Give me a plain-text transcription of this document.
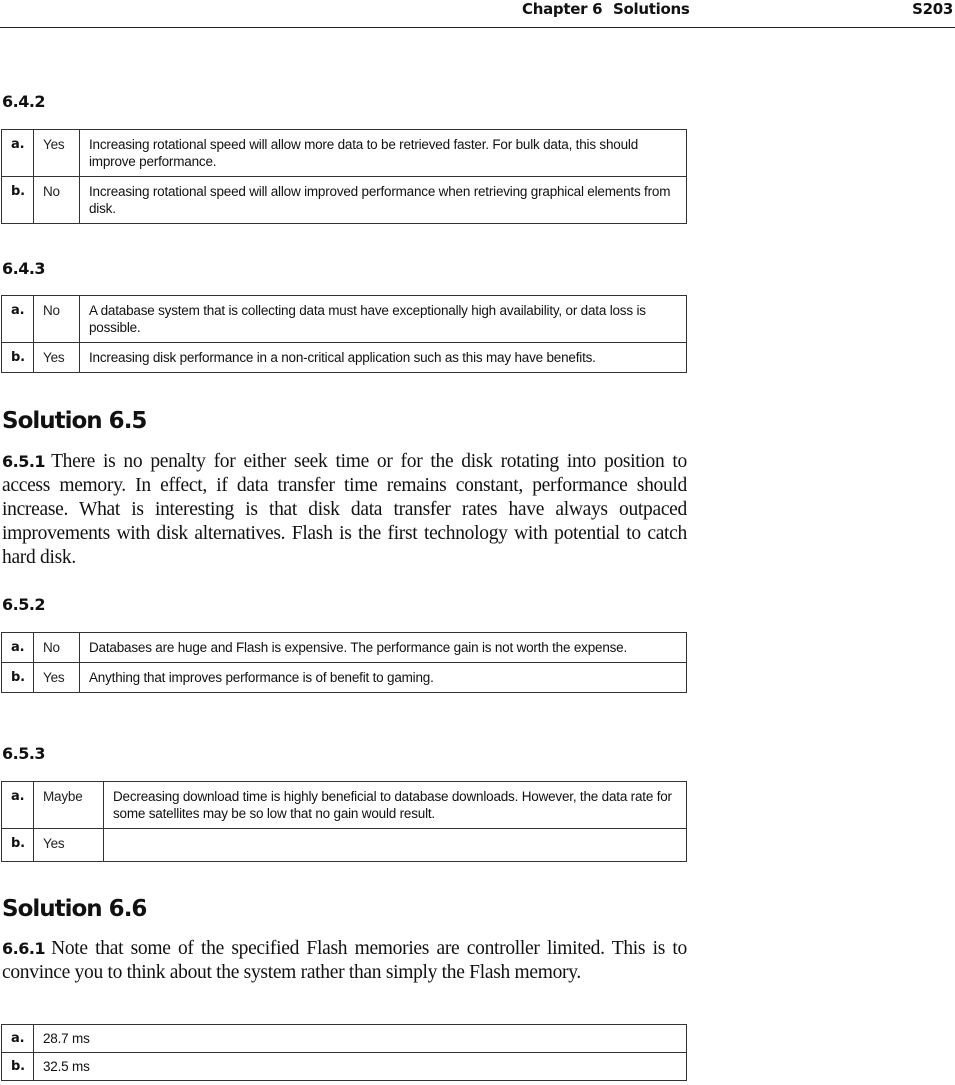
Chapter 6 Solutions	S203
6.4.2
a.	Yes	Increasing rotational speed will allow more data to be retrieved faster. For bulk data, this should improve performance.
b.	No	Increasing rotational speed will allow improved performance when retrieving graphical elements from disk.
6.4.3
a.	No	A database system that is collecting data must have exceptionally high availability, or data loss is possible.
b.	Yes	Increasing disk performance in a non-critical application such as this may have benefits.
Solution 6.5

6.5.1 There is no penalty for either seek time or for the disk rotating into position to access memory. In effect, if data transfer time remains constant, performance should increase. What is interesting is that disk data transfer rates have always outpaced improvements with disk alternatives. Flash is the first technology with potential to catch hard disk.

6.5.2
a.	No	Databases are huge and Flash is expensive. The performance gain is not worth the expense.
b.	Yes	Anything that improves performance is of benefit to gaming.
6.5.3
a.	Maybe	Decreasing download time is highly beneficial to database downloads. However, the data rate for some satellites may be so low that no gain would result.
b.	Yes	
Solution 6.6

6.6.1 Note that some of the specified Flash memories are controller limited. This is to convince you to think about the system rather than simply the Flash memory.

a.	28.7 ms
b.	32.5 ms
